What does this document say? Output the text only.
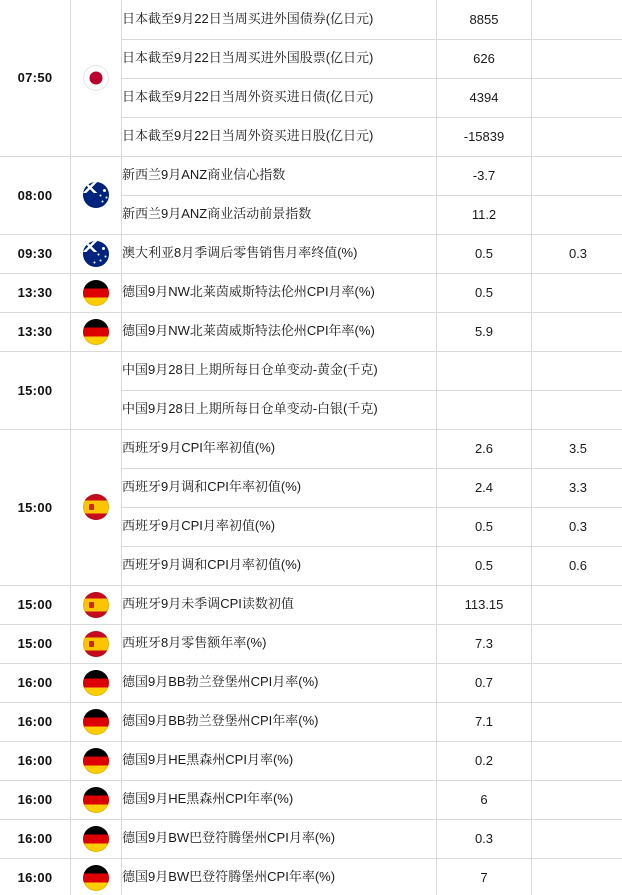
07:50		日本截至9月22日当周买进外国债券(亿日元)	8855	
		日本截至9月22日当周买进外国股票(亿日元)	626	
		日本截至9月22日当周外资买进日债(亿日元)	4394	
		日本截至9月22日当周外资买进日股(亿日元)	-15839	
08:00		新西兰9月ANZ商业信心指数	-3.7	
		新西兰9月ANZ商业活动前景指数	11.2	
09:30		澳大利亚8月季调后零售销售月率终值(%)	0.5	0.3
13:30		德国9月NW北莱茵威斯特法伦州CPI月率(%)	0.5	
13:30		德国9月NW北莱茵威斯特法伦州CPI年率(%)	5.9	
15:00		中国9月28日上期所每日仓单变动-黄金(千克)		
		中国9月28日上期所每日仓单变动-白银(千克)		
15:00		西班牙9月CPI年率初值(%)	2.6	3.5
		西班牙9月调和CPI年率初值(%)	2.4	3.3
		西班牙9月CPI月率初值(%)	0.5	0.3
		西班牙9月调和CPI月率初值(%)	0.5	0.6
15:00		西班牙9月未季调CPI读数初值	113.15	
15:00		西班牙8月零售额年率(%)	7.3	
16:00		德国9月BB勃兰登堡州CPI月率(%)	0.7	
16:00		德国9月BB勃兰登堡州CPI年率(%)	7.1	
16:00		德国9月HE黑森州CPI月率(%)	0.2	
16:00		德国9月HE黑森州CPI年率(%)	6	
16:00		德国9月BW巴登符腾堡州CPI月率(%)	0.3	
16:00		德国9月BW巴登符腾堡州CPI年率(%)	7	
